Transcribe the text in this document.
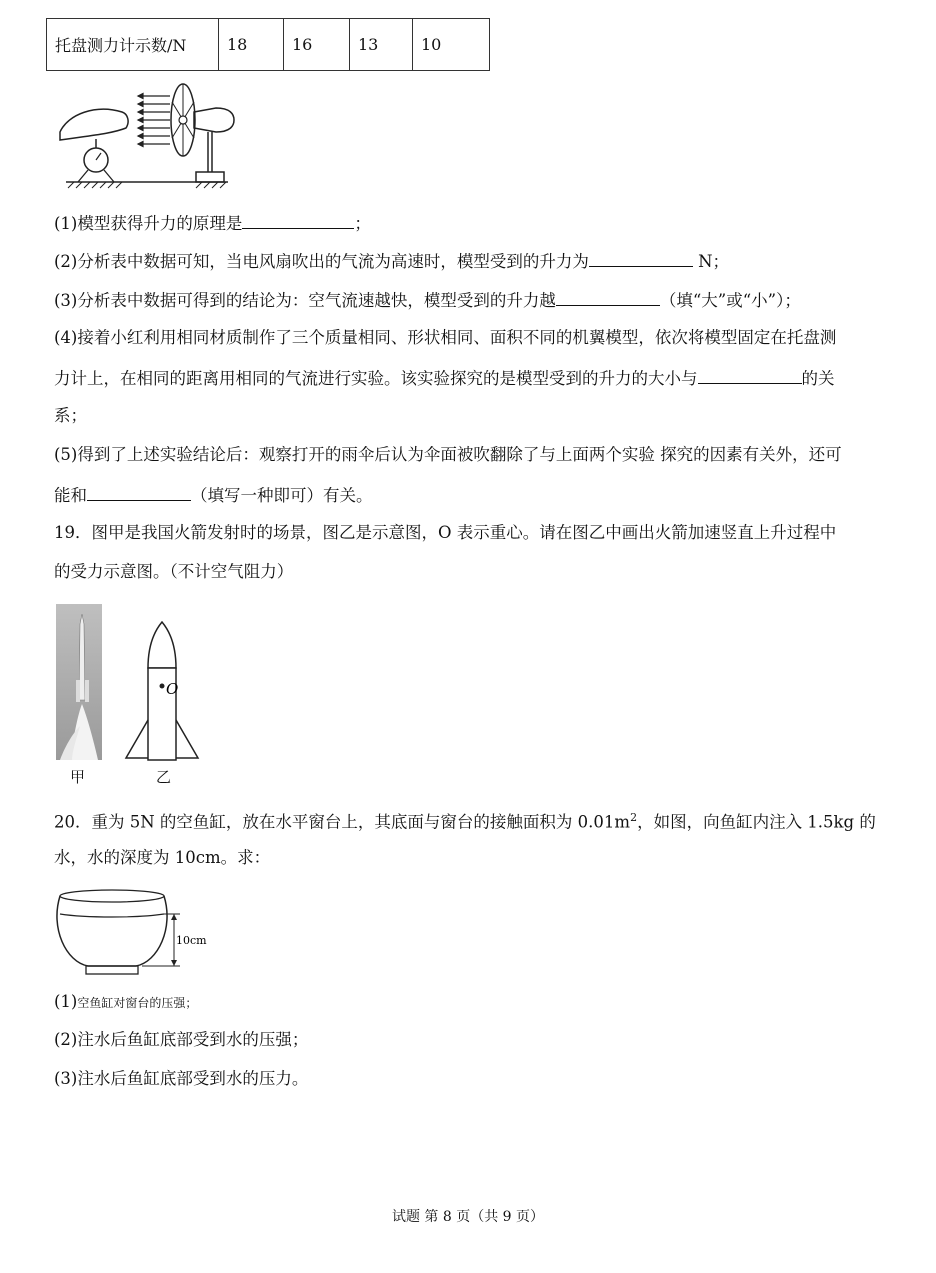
托盘测力计示数/N	18	16	13	10
(1)模型获得升力的原理是	；
(2)分析表中数据可知，当电风扇吹出的气流为高速时，模型受到的升力为	N；
(3)分析表中数据可得到的结论为：空气流速越快，模型受到的升力越	（填“大”或“小”）；
(4)接着小红利用相同材质制作了三个质量相同、形状相同、面积不同的机翼模型，依次将模型固定在托盘测
力计上，在相同的距离用相同的气流进行实验。该实验探究的是模型受到的升力的大小与	的关
系；
(5)得到了上述实验结论后：观察打开的雨伞后认为伞面被吹翻除了与上面两个实验 探究的因素有关外，还可
能和	（填写一种即可）有关。
19．图甲是我国火箭发射时的场景，图乙是示意图，O 表示重心。请在图乙中画出火箭加速竖直上升过程中
的受力示意图。（不计空气阻力）
甲
O
乙
20．重为 5N 的空鱼缸，放在水平窗台上，其底面与窗台的接触面积为 $0.01m^2$，如图，向鱼缸内注入 1.5kg 的
水，水的深度为 10cm。求：
10cm
(1)空鱼缸对窗台的压强；
(2)注水后鱼缸底部受到水的压强；
(3)注水后鱼缸底部受到水的压力。
试题 第 8 页（共 9 页）
